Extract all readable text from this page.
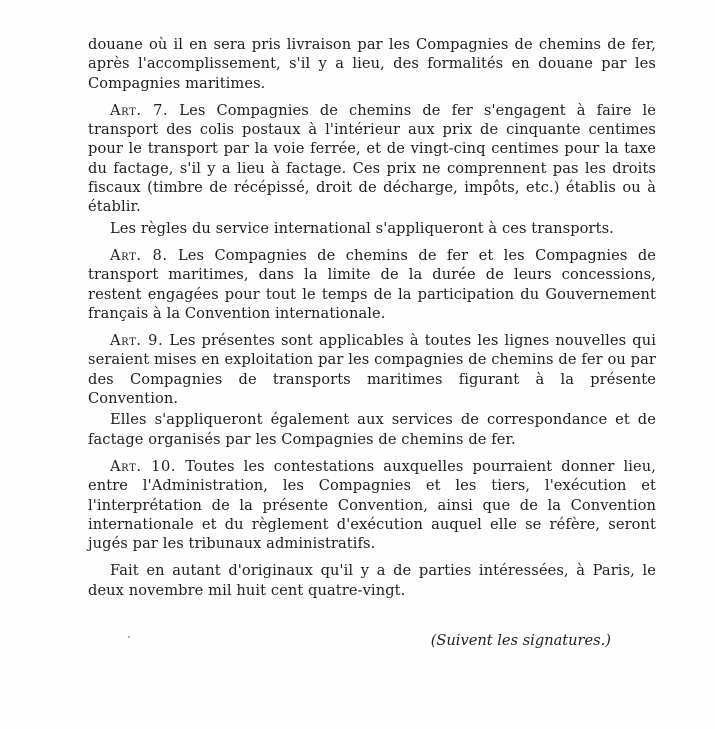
douane où il en sera pris livraison par les Compagnies de chemins de fer, après l'accomplissement, s'il y a lieu, des formalités en douane par les Compagnies maritimes.

Art. 7. Les Compagnies de chemins de fer s'engagent à faire le transport des colis postaux à l'intérieur aux prix de cinquante centimes pour le transport par la voie ferrée, et de vingt-cinq centimes pour la taxe du factage, s'il y a lieu à factage. Ces prix ne comprennent pas les droits fiscaux (timbre de récépissé, droit de décharge, impôts, etc.) établis ou à établir.

Les règles du service international s'appliqueront à ces transports.

Art. 8. Les Compagnies de chemins de fer et les Compagnies de transport maritimes, dans la limite de la durée de leurs concessions, restent engagées pour tout le temps de la participation du Gouvernement français à la Convention internationale.

Art. 9. Les présentes sont applicables à toutes les lignes nouvelles qui seraient mises en exploitation par les compagnies de chemins de fer ou par des Compagnies de transports maritimes figurant à la présente Convention.

Elles s'appliqueront également aux services de correspondance et de factage organisés par les Compagnies de chemins de fer.

Art. 10. Toutes les contestations auxquelles pourraient donner lieu, entre l'Administration, les Compagnies et les tiers, l'exécution et l'interprétation de la présente Convention, ainsi que de la Convention internationale et du règlement d'exécution auquel elle se réfère, seront jugés par les tribunaux administratifs.

Fait en autant d'originaux qu'il y a de parties intéressées, à Paris, le deux novembre mil huit cent quatre-vingt.

(Suivent les signatures.)
